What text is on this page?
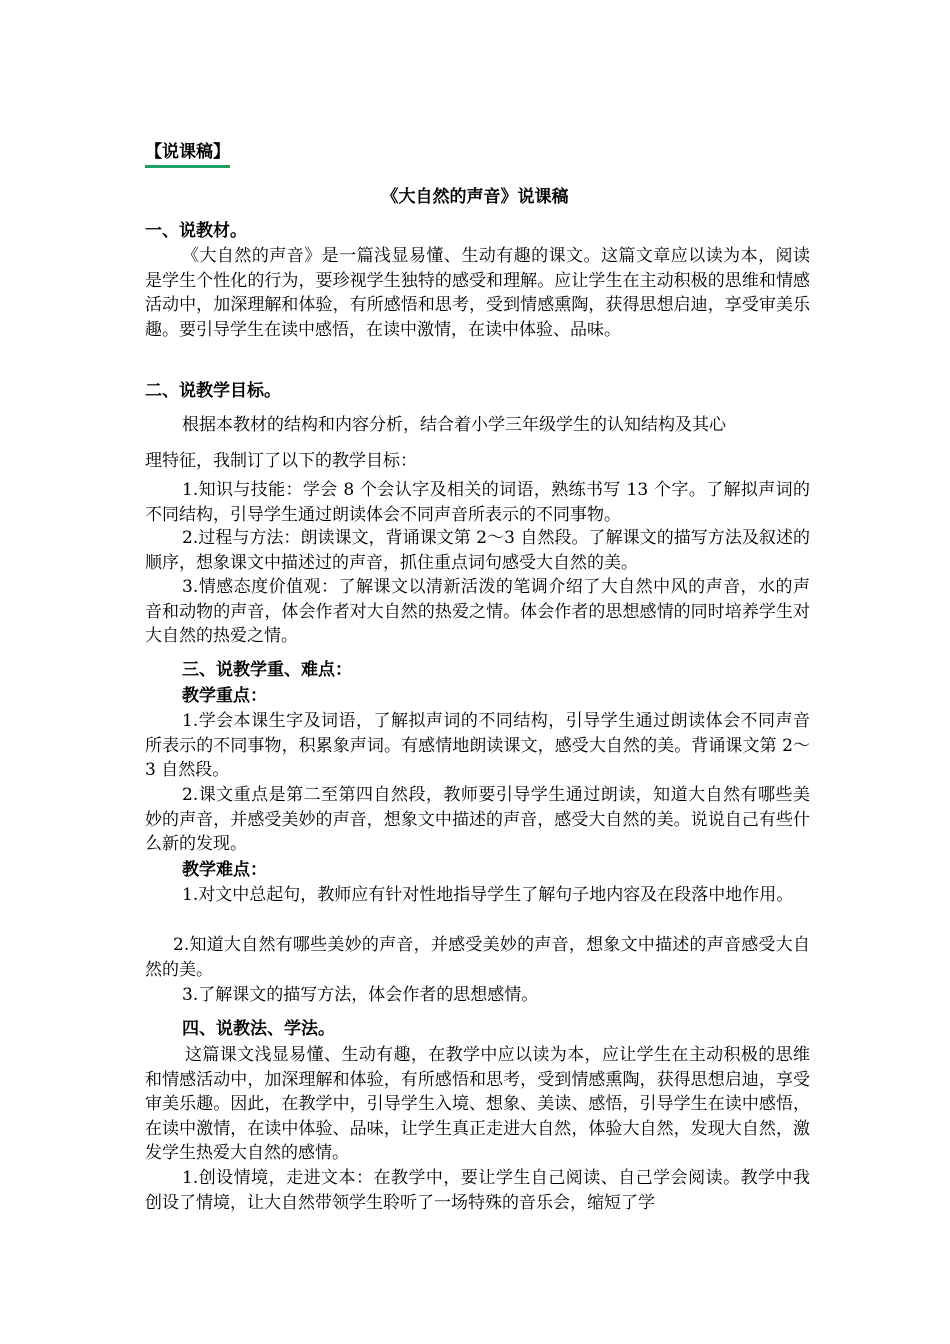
【说课稿】
《大自然的声音》说课稿
一、说教材。
《大自然的声音》是一篇浅显易懂、生动有趣的课文。这篇文章应以读为本，阅读是学生个性化的行为，要珍视学生独特的感受和理解。应让学生在主动积极的思维和情感活动中，加深理解和体验，有所感悟和思考，受到情感熏陶，获得思想启迪，享受审美乐趣。要引导学生在读中感悟，在读中激情，在读中体验、品味。
二、说教学目标。
根据本教材的结构和内容分析，结合着小学三年级学生的认知结构及其心
理特征，我制订了以下的教学目标：
1.知识与技能：学会 8 个会认字及相关的词语，熟练书写 13 个字。了解拟声词的不同结构，引导学生通过朗读体会不同声音所表示的不同事物。
2.过程与方法：朗读课文，背诵课文第 2～3 自然段。了解课文的描写方法及叙述的顺序，想象课文中描述过的声音，抓住重点词句感受大自然的美。
3.情感态度价值观：了解课文以清新活泼的笔调介绍了大自然中风的声音，水的声音和动物的声音，体会作者对大自然的热爱之情。体会作者的思想感情的同时培养学生对大自然的热爱之情。
三、说教学重、难点：
教学重点：
1.学会本课生字及词语，了解拟声词的不同结构，引导学生通过朗读体会不同声音所表示的不同事物，积累象声词。有感情地朗读课文，感受大自然的美。背诵课文第 2～3 自然段。
2.课文重点是第二至第四自然段，教师要引导学生通过朗读，知道大自然有哪些美妙的声音，并感受美妙的声音，想象文中描述的声音，感受大自然的美。说说自己有些什么新的发现。
教学难点：
1.对文中总起句，教师应有针对性地指导学生了解句子地内容及在段落中地作用。
2.知道大自然有哪些美妙的声音，并感受美妙的声音，想象文中描述的声音感受大自然的美。
3.了解课文的描写方法，体会作者的思想感情。
四、说教法、学法。
这篇课文浅显易懂、生动有趣，在教学中应以读为本，应让学生在主动积极的思维和情感活动中，加深理解和体验，有所感悟和思考，受到情感熏陶，获得思想启迪，享受审美乐趣。因此，在教学中，引导学生入境、想象、美读、感悟，引导学生在读中感悟，在读中激情，在读中体验、品味，让学生真正走进大自然，体验大自然，发现大自然，激发学生热爱大自然的感情。
1.创设情境，走进文本：在教学中，要让学生自己阅读、自己学会阅读。教学中我创设了情境，让大自然带领学生聆听了一场特殊的音乐会，缩短了学
